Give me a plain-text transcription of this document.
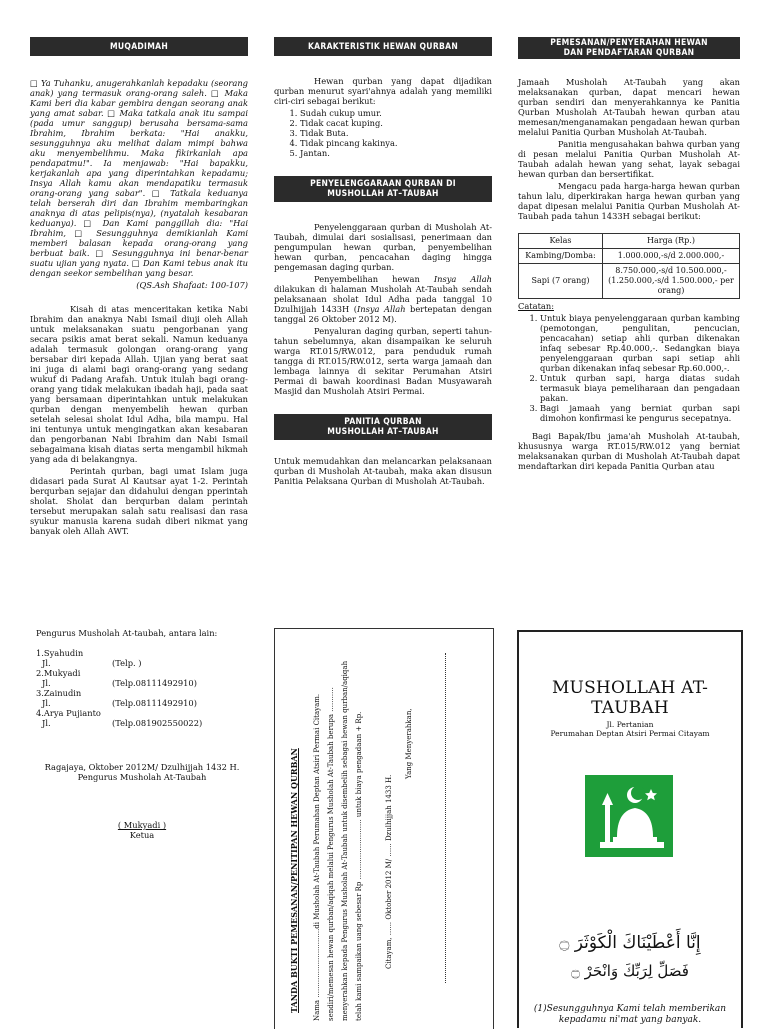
MUQADIMAH

□ Ya Tuhanku, anugerahkanlah kepadaku (seorang anak) yang termasuk orang-orang saleh. □ Maka Kami beri dia kabar gembira dengan seorang anak yang amat sabar. □ Maka tatkala anak itu sampai (pada umur sanggup) berusaha bersama-sama Ibrahim, Ibrahim berkata: "Hai anakku, sesungguhnya aku melihat dalam mimpi bahwa aku menyembelihmu. Maka fikirkanlah apa pendapatmu!". Ia menjawab: "Hai bapakku, kerjakanlah apa yang diperintahkan kepadamu; Insya Allah kamu akan mendapatiku termasuk orang-orang yang sabar". □ Tatkala keduanya telah berserah diri dan Ibrahim membaringkan anaknya di atas pelipis(nya), (nyatalah kesabaran keduanya). □ Dan Kami panggillah dia: "Hai Ibrahim, □ Sesungguhnya demikianlah Kami memberi balasan kepada orang-orang yang berbuat baik. □ Sesungguhnya ini benar-benar suatu ujian yang nyata. □ Dan Kami tebus anak itu dengan seekor sembelihan yang besar.

(QS.Ash Shafaat: 100-107)

Kisah di atas menceritakan ketika Nabi Ibrahim dan anaknya Nabi Ismail diuji oleh Allah untuk melaksanakan suatu pengorbanan yang secara psikis amat berat sekali. Namun keduanya adalah termasuk golongan orang-orang yang bersabar diri kepada Allah. Ujian yang berat saat ini juga di alami bagi orang-orang yang sedang wukuf di Padang Arafah. Untuk itulah bagi orang-orang yang tidak melakukan ibadah haji, pada saat yang bersamaan diperintahkan untuk melakukan qurban dengan menyembelih hewan qurban setelah selesai sholat Idul Adha, bila mampu. Hal ini tentunya untuk mengingatkan akan kesabaran dan pengorbanan Nabi Ibrahim dan Nabi Ismail sebagaimana kisah diatas serta mengambil hikmah yang ada di belakangnya.

Perintah qurban, bagi umat Islam juga didasari pada Surat Al Kautsar ayat 1-2. Perintah berqurban sejajar dan didahului dengan pperintah sholat. Sholat dan berqurban dalam perintah tersebut merupakan salah satu realisasi dan rasa syukur manusia karena sudah diberi nikmat yang banyak oleh Allah AWT.

KARAKTERISTIK HEWAN QURBAN

Hewan qurban yang dapat dijadikan qurban menurut syari'ahnya adalah yang memiliki ciri-ciri sebagai berikut:

1. Sudah cukup umur.
2. Tidak cacat kuping.
3. Tidak Buta.
4. Tidak pincang kakinya.
5. Jantan.
PENYELENGGARAAN QURBAN DI
MUSHOLLAH AT–TAUBAH

Penyelenggaraan qurban di Musholah At-Taubah, dimulai dari sosialisasi, penerimaan dan pengumpulan hewan qurban, penyembelihan hewan qurban, pencacahan daging hingga pengemasan daging qurban.

Penyembelihan hewan Insya Allah dilakukan di halaman Musholah At-Taubah sendah pelaksanaan sholat Idul Adha pada tanggal 10 Dzulhijjah 1433H (Insya Allah bertepatan dengan tanggal 26 Oktober 2012 M).

Penyaluran daging qurban, seperti tahun-tahun sebelumnya, akan disampaikan ke seluruh warga RT.015/RW.012, para penduduk rumah tangga di RT.015/RW.012, serta warga jamaah dan lembaga lainnya di sekitar Perumahan Atsiri Permai di bawah koordinasi Badan Musyawarah Masjid dan Musholah Atsiri Permai.

PANITIA QURBAN
MUSHOLLAH AT–TAUBAH

Untuk memudahkan dan melancarkan pelaksanaan qurban di Musholah At-taubah, maka akan disusun Panitia Pelaksana Qurban di Musholah At-Taubah.

PEMESANAN/PENYERAHAN HEWAN
DAN PENDAFTARAN QURBAN

Jamaah Musholah At-Taubah yang akan melaksanakan qurban, dapat mencari hewan qurban sendiri dan menyerahkannya ke Panitia Qurban Musholah At-Taubah hewan qurban atau memesan/menganamakan pengadaan hewan qurban melalui Panitia Qurban Musholah At-Taubah.

Panitia mengusahakan bahwa qurban yang di pesan melalui Panitia Qurban Musholah At-Taubah adalah hewan yang sehat, layak sebagai hewan qurban dan bersertifikat.

Mengacu pada harga-harga hewan qurban tahun lalu, diperkirakan harga hewan qurban yang dapat dipesan melalui Panitia Qurban Musholah At-Taubah pada tahun 1433H sebagai berikut:

Kelas	Harga (Rp.)
Kambing/Domba:	1.000.000,-s/d 2.000.000,-
Sapi (7 orang)	8.750.000,-s/d 10.500.000,- (1.250.000,-s/d 1.500.000,- per orang)
Catatan:
1. Untuk biaya penyelenggaraan qurban kambing (pemotongan, pengulitan, pencucian, pencacahan) setiap ahli qurban dikenakan infaq sebesar Rp.40.000,-. Sedangkan biaya penyelenggaraan qurban sapi setiap ahli qurban dikenakan infaq sebesar Rp.60.000,-.
2. Untuk qurban sapi, harga diatas sudah termasuk biaya pemeliharaan dan pengadaan pakan.
3. Bagi jamaah yang berniat qurban sapi dimohon konfirmasi ke pengurus secepatnya.

Bagi Bapak/Ibu jama'ah Musholah At-taubah, khususnya warga RT.015/RW.012 yang berniat melaksanakan qurban di Musholah At-Taubah dapat mendaftarkan diri kepada Panitia Qurban atau

Pengurus Musholah At-taubah, antara lain:
1.Syahudin
Jl.	(Telp. )
2.Mukyadi
Jl.	(Telp.08111492910)
3.Zainudin
Jl.	(Telp.08111492910)
4.Arya Pujianto
Jl.	(Telp.081902550022)
Ragajaya, Oktober 2012M/ Dzulhijjah 1432 H.
Pengurus Musholah At-Taubah
( Mukyadi )
Ketua	TANDA BUKTI PEMESANAN/PENITIPAN HEWAN QURBAN Nama ...............................di Musholah At-Taubah Perumahan Deptan Atsiri Permai Citayam. sendiri/memesan hewan qurban/aqiqah melalui Pengurus Musholah At-Taubah berupa ........... menyerahkan kepada Pengurus Musholah At-Taubah untuk disembelih sebagai hewan qurban/aqiqah telah kami sampaikan uang sebesar Rp ........................... untuk biaya pengadaan + Rp.	Citayam, ...... Oktober 2012 M/ ...... Dzulhijjah 1433 H.
Yang Menyerahkan,
MUSHOLLAH AT-TAUBAH
Jl. Pertanian
Perumahan Deptan Atsiri Permai Citayam
إِنَّا أَعْطَيْنَاكَ الْكَوْثَرَ ۝
فَصَلِّ لِرَبِّكَ وَانْحَرْ ۝
(1)Sesungguhnya Kami telah memberikan kepadamu ni'mat yang banyak.
